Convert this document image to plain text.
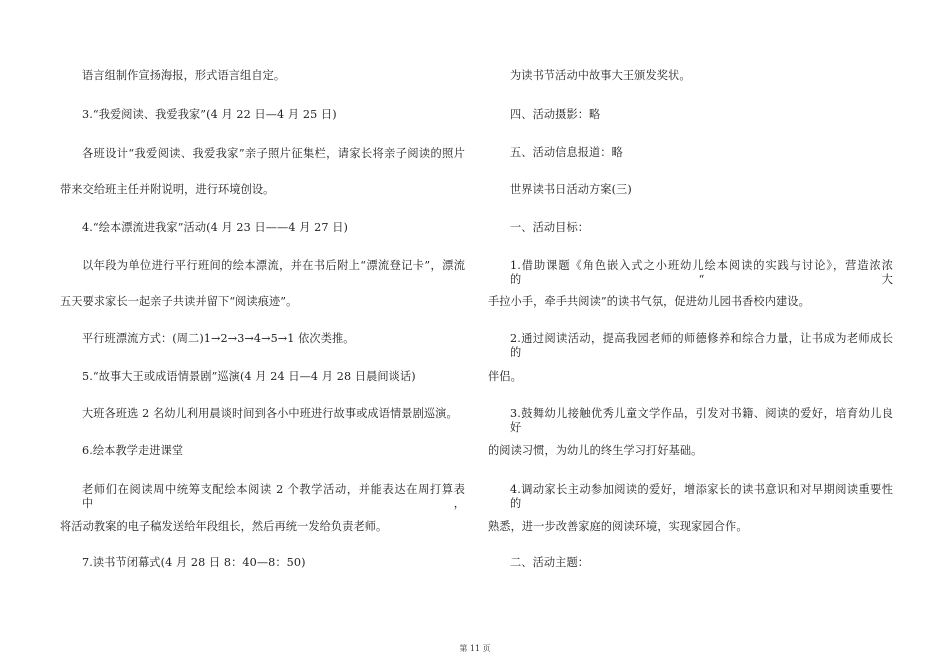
语言组制作宣扬海报，形式语言组自定。
3.“我爱阅读、我爱我家”(4 月 22 日—4 月 25 日)
各班设计“我爱阅读、我爱我家”亲子照片征集栏，请家长将亲子阅读的照片
带来交给班主任并附说明，进行环境创设。
4.“绘本漂流进我家”活动(4 月 23 日——4 月 27 日)
以年段为单位进行平行班间的绘本漂流，并在书后附上“漂流登记卡”，漂流
五天要求家长一起亲子共读并留下“阅读痕迹”。
平行班漂流方式：(周二)1→2→3→4→5→1 依次类推。
5.“故事大王或成语情景剧”巡演(4 月 24 日—4 月 28 日晨间谈话)
大班各班选 2 名幼儿利用晨谈时间到各小中班进行故事或成语情景剧巡演。
6.绘本教学走进课堂
老师们在阅读周中统筹支配绘本阅读 2 个教学活动，并能表达在周打算表中，
将活动教案的电子稿发送给年段组长，然后再统一发给负责老师。
7.读书节闭幕式(4 月 28 日 8：40—8：50)
为读书节活动中故事大王颁发奖状。
四、活动摄影：略
五、活动信息报道：略
世界读书日活动方案(三)
一、活动目标：
1.借助课题《角色嵌入式之小班幼儿绘本阅读的实践与讨论》，营造浓浓的“大
手拉小手，牵手共阅读”的读书气氛，促进幼儿园书香校内建设。
2.通过阅读活动，提高我园老师的师德修养和综合力量，让书成为老师成长的
伴侣。
3.鼓舞幼儿接触优秀儿童文学作品，引发对书籍、阅读的爱好，培育幼儿良好
的阅读习惯，为幼儿的终生学习打好基础。
4.调动家长主动参加阅读的爱好，增添家长的读书意识和对早期阅读重要性的
熟悉，进一步改善家庭的阅读环境，实现家园合作。
二、活动主题：
第 11 页
